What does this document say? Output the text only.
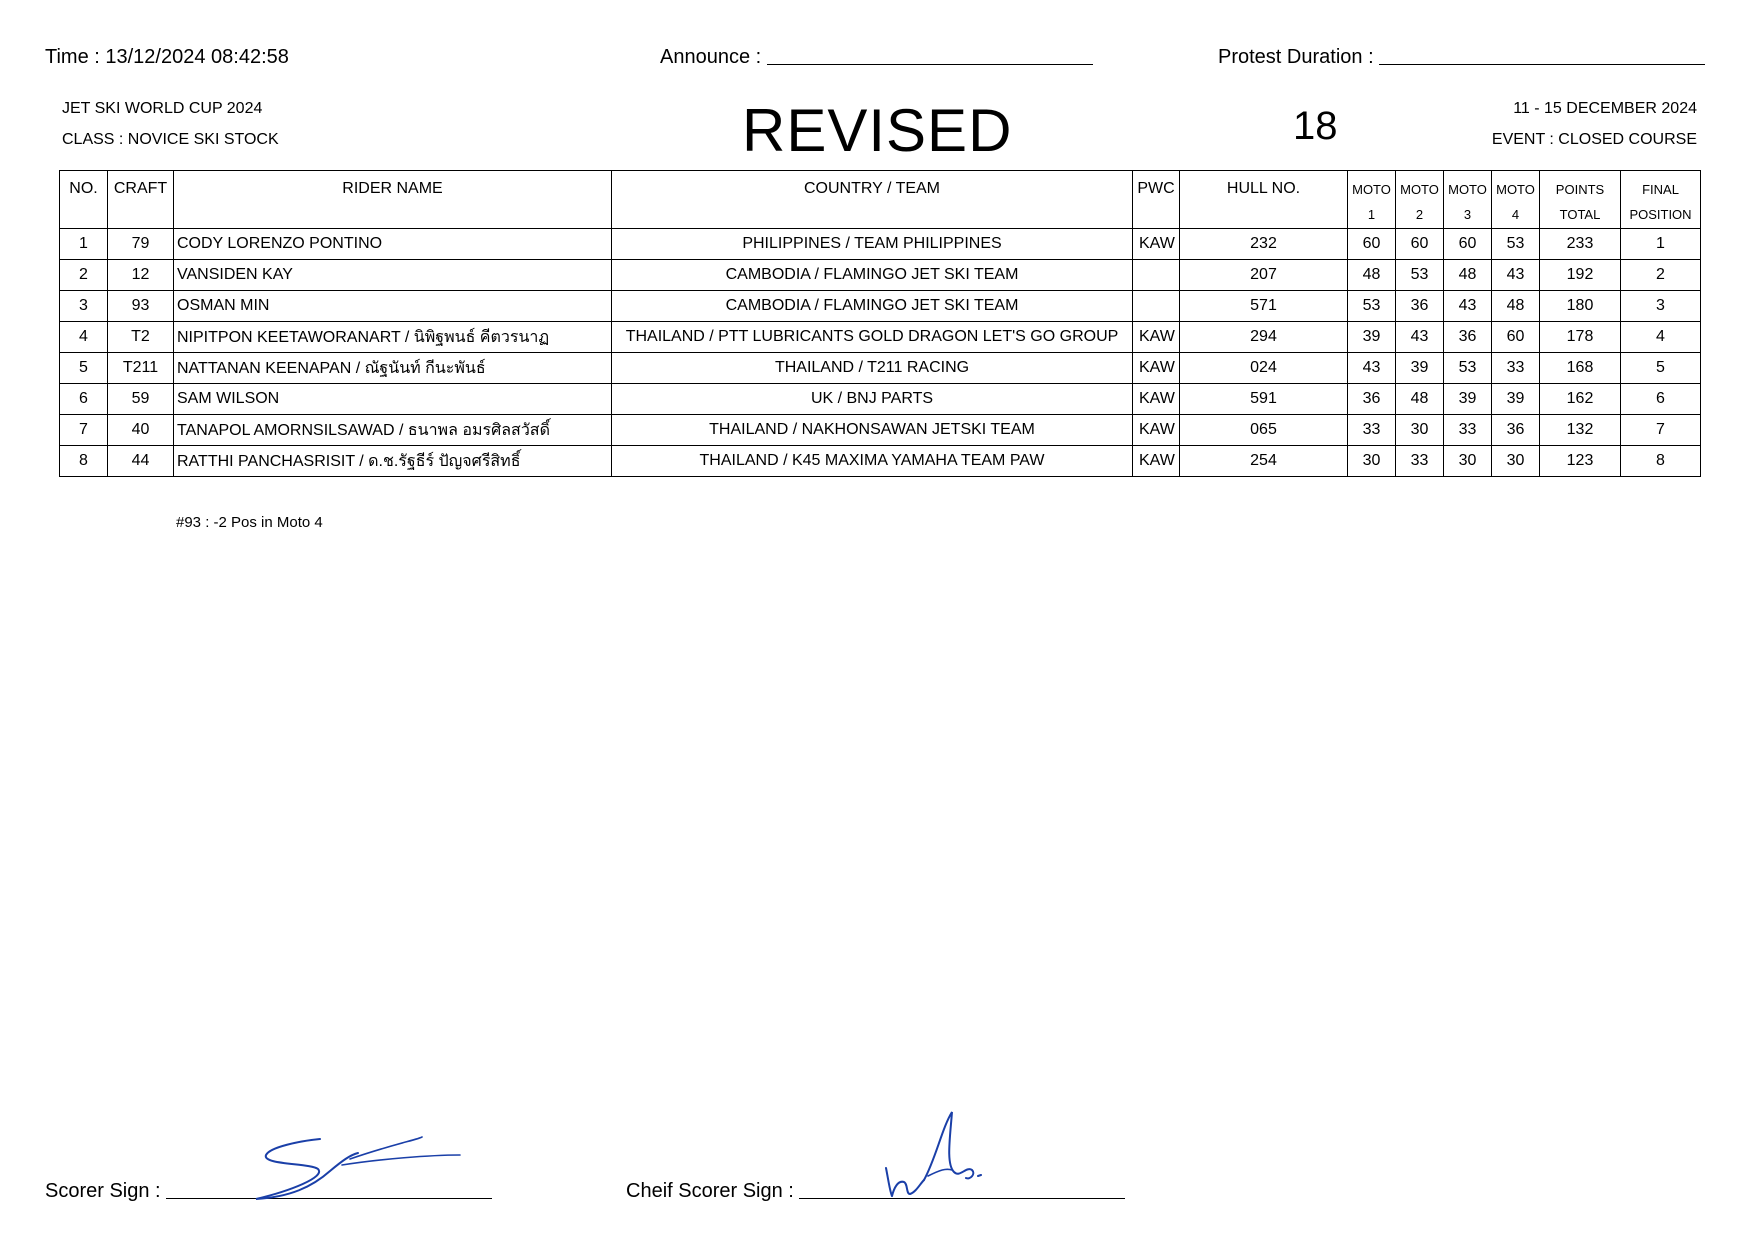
Time : 13/12/2024 08:42:58	Announce :	Protest Duration :
JET SKI WORLD CUP 2024
CLASS : NOVICE SKI STOCK	REVISED	18	11 - 15 DECEMBER 2024
EVENT : CLOSED COURSE
NO.	CRAFT	RIDER NAME	COUNTRY / TEAM	PWC	HULL NO.	MOTO	MOTO	MOTO	MOTO	POINTS	FINAL
						1	2	3	4	TOTAL	POSITION
1	79	CODY LORENZO PONTINO	PHILIPPINES / TEAM PHILIPPINES	KAW	232	60	60	60	53	233	1
2	12	VANSIDEN KAY	CAMBODIA / FLAMINGO JET SKI TEAM		207	48	53	48	43	192	2
3	93	OSMAN MIN	CAMBODIA / FLAMINGO JET SKI TEAM		571	53	36	43	48	180	3
4	T2	NIPITPON KEETAWORANART / นิพิฐพนธ์ คีตวรนาฏ	THAILAND / PTT LUBRICANTS GOLD DRAGON LET'S GO GROUP	KAW	294	39	43	36	60	178	4
5	T211	NATTANAN KEENAPAN / ณัฐนันท์ กีนะพันธ์	THAILAND / T211 RACING	KAW	024	43	39	53	33	168	5
6	59	SAM WILSON	UK / BNJ PARTS	KAW	591	36	48	39	39	162	6
7	40	TANAPOL AMORNSILSAWAD / ธนาพล อมรศิลสวัสดิ์	THAILAND / NAKHONSAWAN JETSKI TEAM	KAW	065	33	30	33	36	132	7
8	44	RATTHI PANCHASRISIT / ด.ช.รัฐธีร์ ปัญจศรีสิทธิ์	THAILAND / K45 MAXIMA YAMAHA TEAM PAW	KAW	254	30	33	30	30	123	8
#93 : -2 Pos in Moto 4
Scorer Sign :	Cheif Scorer Sign :
